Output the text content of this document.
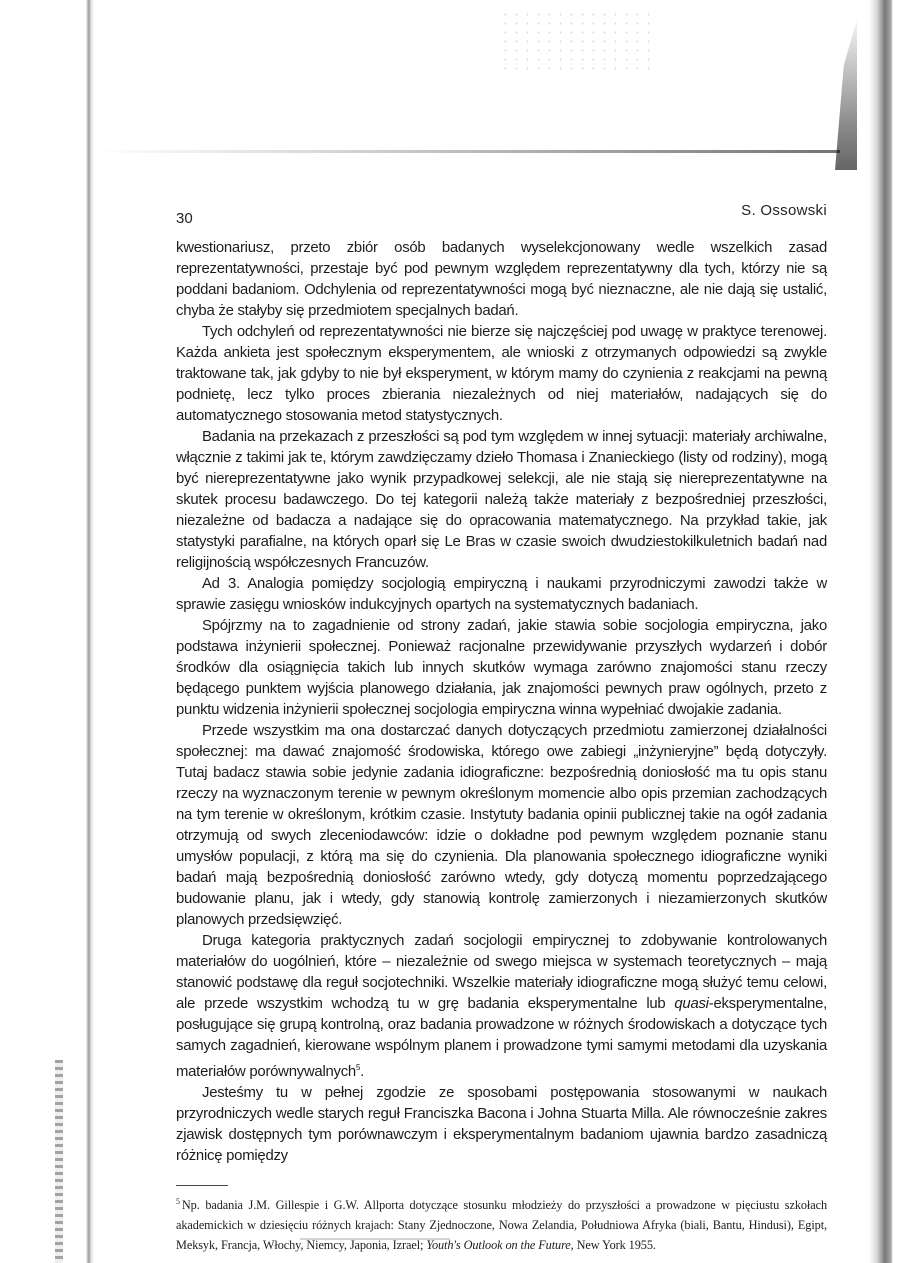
30	S. Ossowski

kwestionariusz, przeto zbiór osób badanych wyselekcjonowany wedle wszelkich zasad reprezentatywności, przestaje być pod pewnym względem reprezentatywny dla tych, którzy nie są poddani badaniom. Odchylenia od reprezentatywności mogą być nieznaczne, ale nie dają się ustalić, chyba że stałyby się przedmiotem specjalnych badań.

Tych odchyleń od reprezentatywności nie bierze się najczęściej pod uwagę w praktyce terenowej. Każda ankieta jest społecznym eksperymentem, ale wnioski z otrzymanych odpowiedzi są zwykle traktowane tak, jak gdyby to nie był eksperyment, w którym mamy do czynienia z reakcjami na pewną podnietę, lecz tylko proces zbierania niezależnych od niej materiałów, nadających się do automatycznego stosowania metod statystycznych.

Badania na przekazach z przeszłości są pod tym względem w innej sytuacji: materiały archiwalne, włącznie z takimi jak te, którym zawdzięczamy dzieło Thomasa i Znanieckiego (listy od rodziny), mogą być niereprezentatywne jako wynik przypadkowej selekcji, ale nie stają się niereprezentatywne na skutek procesu badawczego. Do tej kategorii należą także materiały z bezpośredniej przeszłości, niezależne od badacza a nadające się do opracowania matematycznego. Na przykład takie, jak statystyki parafialne, na których oparł się Le Bras w czasie swoich dwudziestokilkuletnich badań nad religijnością współczesnych Francuzów.

Ad 3. Analogia pomiędzy socjologią empiryczną i naukami przyrodniczymi zawodzi także w sprawie zasięgu wniosków indukcyjnych opartych na systematycznych badaniach.

Spójrzmy na to zagadnienie od strony zadań, jakie stawia sobie socjologia empiryczna, jako podstawa inżynierii społecznej. Ponieważ racjonalne przewidywanie przyszłych wydarzeń i dobór środków dla osiągnięcia takich lub innych skutków wymaga zarówno znajomości stanu rzeczy będącego punktem wyjścia planowego działania, jak znajomości pewnych praw ogólnych, przeto z punktu widzenia inżynierii społecznej socjologia empiryczna winna wypełniać dwojakie zadania.

Przede wszystkim ma ona dostarczać danych dotyczących przedmiotu zamierzonej działalności społecznej: ma dawać znajomość środowiska, którego owe zabiegi „inżynieryjne” będą dotyczyły. Tutaj badacz stawia sobie jedynie zadania idiograficzne: bezpośrednią doniosłość ma tu opis stanu rzeczy na wyznaczonym terenie w pewnym określonym momencie albo opis przemian zachodzących na tym terenie w określonym, krótkim czasie. Instytuty badania opinii publicznej takie na ogół zadania otrzymują od swych zleceniodawców: idzie o dokładne pod pewnym względem poznanie stanu umysłów populacji, z którą ma się do czynienia. Dla planowania społecznego idiograficzne wyniki badań mają bezpośrednią doniosłość zarówno wtedy, gdy dotyczą momentu poprzedzającego budowanie planu, jak i wtedy, gdy stanowią kontrolę zamierzonych i niezamierzonych skutków planowych przedsięwzięć.

Druga kategoria praktycznych zadań socjologii empirycznej to zdobywanie kontrolowanych materiałów do uogólnień, które – niezależnie od swego miejsca w systemach teoretycznych – mają stanowić podstawę dla reguł socjotechniki. Wszelkie materiały idiograficzne mogą służyć temu celowi, ale przede wszystkim wchodzą tu w grę badania eksperymentalne lub quasi-eksperymentalne, posługujące się grupą kontrolną, oraz badania prowadzone w różnych środowiskach a dotyczące tych samych zagadnień, kierowane wspólnym planem i prowadzone tymi samymi metodami dla uzyskania materiałów porównywalnych$^5$.

Jesteśmy tu w pełnej zgodzie ze sposobami postępowania stosowanymi w naukach przyrodniczych wedle starych reguł Franciszka Bacona i Johna Stuarta Milla. Ale równocześnie zakres zjawisk dostępnych tym porównawczym i eksperymentalnym badaniom ujawnia bardzo zasadniczą różnicę pomiędzy

$^5$ Np. badania J.M. Gillespie i G.W. Allporta dotyczące stosunku młodzieży do przyszłości a prowadzone w pięciustu szkołach akademickich w dziesięciu różnych krajach: Stany Zjednoczone, Nowa Zelandia, Południowa Afryka (biali, Bantu, Hindusi), Egipt, Meksyk, Francja, Włochy, Niemcy, Japonia, Izrael; Youth's Outlook on the Future, New York 1955.
